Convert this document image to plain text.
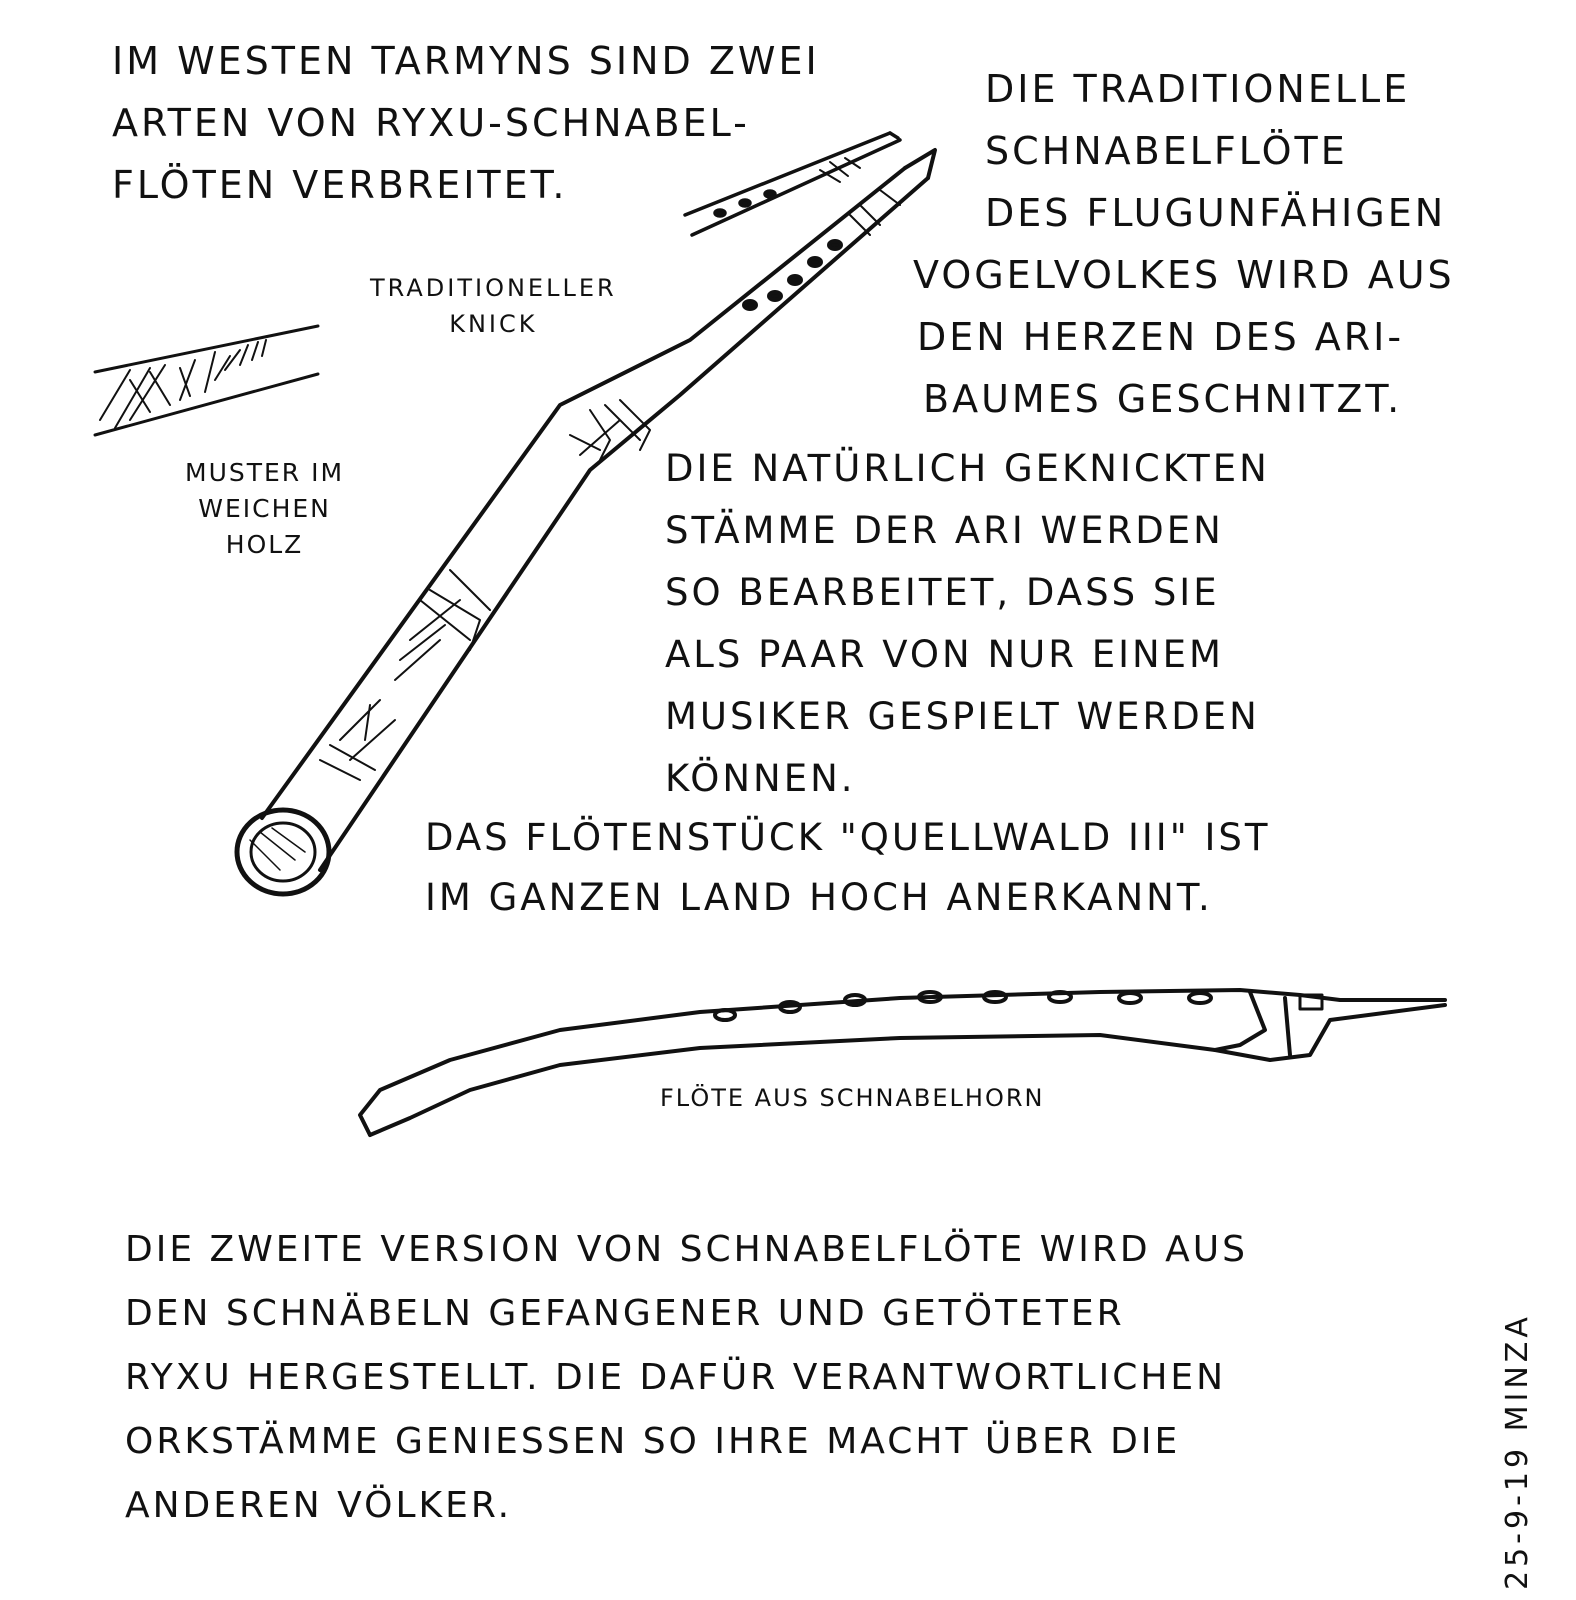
IM WESTEN TARMYNS SIND ZWEI
ARTEN VON RYXU-SCHNABEL-
FLÖTEN VERBREITET.

DIE TRADITIONELLE
SCHNABELFLÖTE
DES FLUGUNFÄHIGEN
VOGELVOLKES WIRD AUS
DEN HERZEN DES ARI-
BAUMES GESCHNITZT.

TRADITIONELLER
KNICK

MUSTER IM
WEICHEN
HOLZ

DIE NATÜRLICH GEKNICKTEN
STÄMME DER ARI WERDEN
SO BEARBEITET, DASS SIE
ALS PAAR VON NUR EINEM
MUSIKER GESPIELT WERDEN
KÖNNEN.

DAS FLÖTENSTÜCK "QUELLWALD III" IST
IM GANZEN LAND HOCH ANERKANNT.

FLÖTE AUS SCHNABELHORN

DIE ZWEITE VERSION VON SCHNABELFLÖTE WIRD AUS
DEN SCHNÄBELN GEFANGENER UND GETÖTETER
RYXU HERGESTELLT. DIE DAFÜR VERANTWORTLICHEN
ORKSTÄMME GENIESSEN SO IHRE MACHT ÜBER DIE
ANDEREN VÖLKER.	25-9-19 MINZA
